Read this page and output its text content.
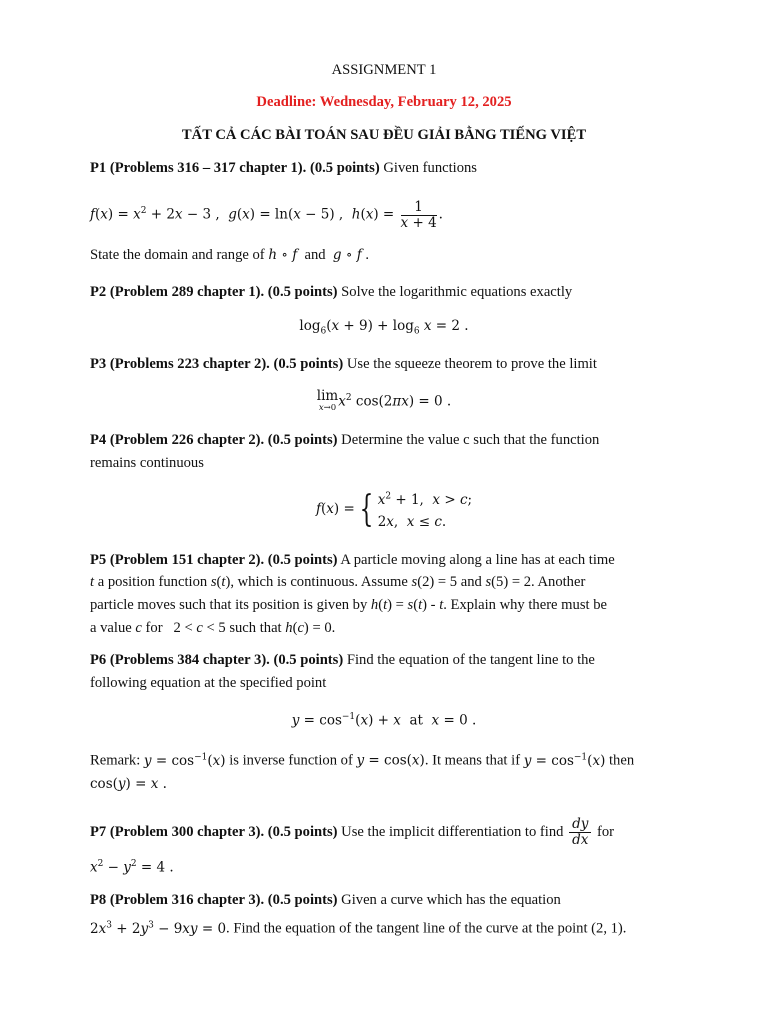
ASSIGNMENT 1
Deadline: Wednesday, February 12, 2025
TẤT CẢ CÁC BÀI TOÁN SAU ĐỀU GIẢI BẰNG TIẾNG VIỆT
P1 (Problems 316 – 317 chapter 1). (0.5 points) Given functions
$f(x) = x^2 + 2x - 3$ ,  g(x) = ln(x − 5) ,  $h(x) = \frac{1}{x + 4}$ .
State the domain and range of h ∘ f and g ∘ f .
P2 (Problem 289 chapter 1). (0.5 points) Solve the logarithmic equations exactly
$\log_6(x + 9) + \log_6 x = 2$ .
P3 (Problems 223 chapter 2). (0.5 points) Use the squeeze theorem to prove the limit
lim
x→0 $x^2$ cos(2πx) = 0 .
P4 (Problem 226 chapter 2). (0.5 points) Determine the value c such that the function
remains continuous
f(x) = { $x^2 + 1$,  x > c;
2x,  x ≤ c.
P5 (Problem 151 chapter 2). (0.5 points) A particle moving along a line has at each time
t a position function s(t), which is continuous. Assume s(2) = 5 and s(5) = 2. Another
particle moves such that its position is given by h(t) = s(t) - t. Explain why there must be
a value c for   2 < c < 5 such that h(c) = 0.
P6 (Problems 384 chapter 3). (0.5 points) Find the equation of the tangent line to the
following equation at the specified point
$y = \cos^{-1}(x) + x$ at x = 0 .
Remark: $y = \cos^{-1}(x)$ is inverse function of y = cos(x). It means that if $y = \cos^{-1}(x)$ then
cos(y) = x .
P7 (Problem 300 chapter 3). (0.5 points) Use the implicit differentiation to find $\frac{dy}{dx}$ for
$x^2 - y^2 = 4$ .
P8 (Problem 316 chapter 3). (0.5 points) Given a curve which has the equation
$2x^3 + 2y^3 - 9xy = 0$. Find the equation of the tangent line of the curve at the point (2, 1).
